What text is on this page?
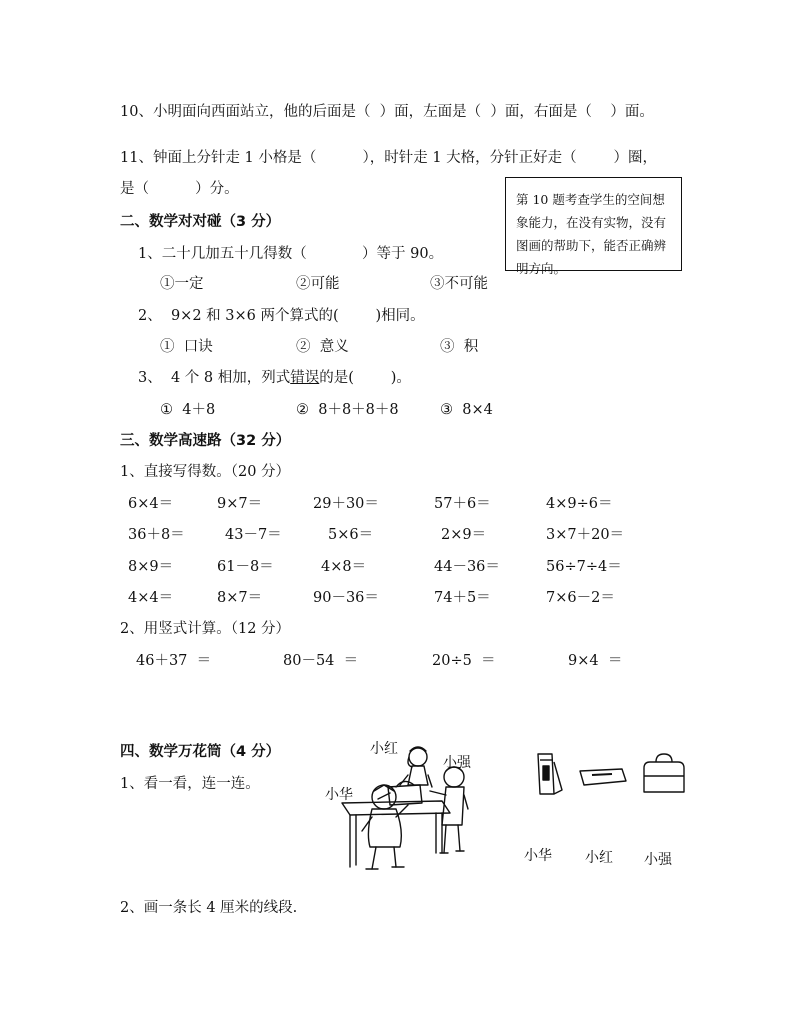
10、小明面向西面站立，他的后面是（  ）面，左面是（  ）面，右面是（    ）面。
11、钟面上分针走 1 小格是（          ），时针走 1 大格，分针正好走（        ）圈，
是（          ）分。
第 10 题考查学生的空间想象能力，在没有实物，没有图画的帮助下，能否正确辨明方向。
二、数学对对碰（3 分）
1、二十几加五十几得数（            ）等于 90。
①一定	②可能	③不可能
2、  9×2 和 3×6 两个算式的(        )相同。
①  口诀	②  意义	③  积
3、  4 个 8 相加，列式错误的是(        )。
①  4＋8	②  8＋8＋8＋8	③  8×4
三、数学高速路（32 分）
1、直接写得数。（20 分）
6×4＝	9×7＝	29＋30＝	57＋6＝	4×9÷6＝
36＋8＝	43－7＝	5×6＝	2×9＝	3×7＋20＝
8×9＝	61－8＝	4×8＝	44－36＝	56÷7÷4＝
4×4＝	8×7＝	90－36＝	74＋5＝	7×6－2＝
2、用竖式计算。（12 分）
46＋37  ＝	80－54  ＝	20÷5  ＝	9×4  ＝
四、数学万花筒（4 分）
1、看一看，连一连。
小红
小强
小华
小华 小红 小强
2、画一条长 4 厘米的线段.
